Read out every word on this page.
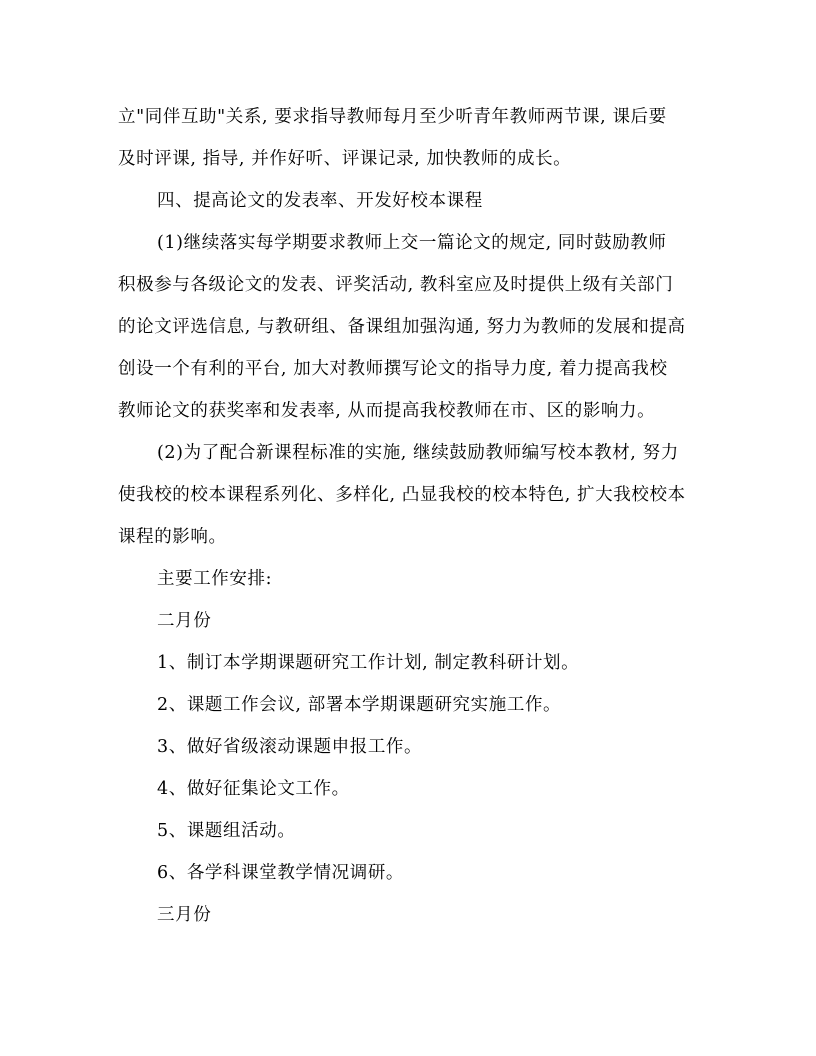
立"同伴互助"关系, 要求指导教师每月至少听青年教师两节课, 课后要
及时评课, 指导, 并作好听、评课记录, 加快教师的成长。
四、提高论文的发表率、开发好校本课程
(1)继续落实每学期要求教师上交一篇论文的规定, 同时鼓励教师
积极参与各级论文的发表、评奖活动, 教科室应及时提供上级有关部门
的论文评选信息, 与教研组、备课组加强沟通, 努力为教师的发展和提高
创设一个有利的平台, 加大对教师撰写论文的指导力度, 着力提高我校
教师论文的获奖率和发表率, 从而提高我校教师在市、区的影响力。
(2)为了配合新课程标准的实施, 继续鼓励教师编写校本教材, 努力
使我校的校本课程系列化、多样化, 凸显我校的校本特色, 扩大我校校本
课程的影响。
主要工作安排:
二月份
1、制订本学期课题研究工作计划, 制定教科研计划。
2、课题工作会议, 部署本学期课题研究实施工作。
3、做好省级滚动课题申报工作。
4、做好征集论文工作。
5、课题组活动。
6、各学科课堂教学情况调研。
三月份
